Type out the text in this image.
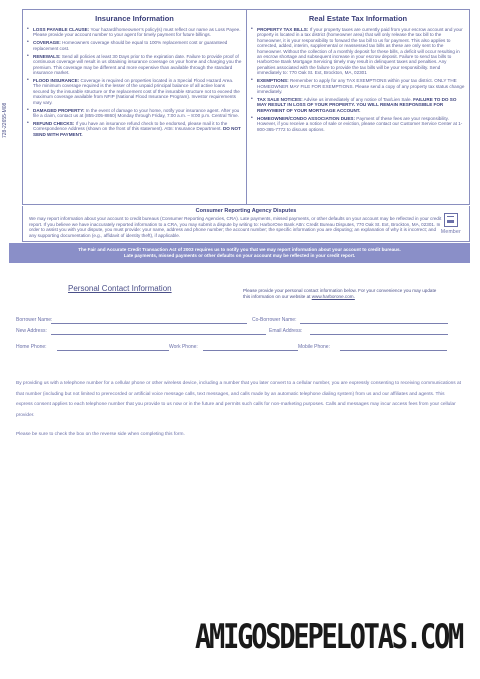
728-22655-M08
Insurance Information
• LOSS PAYABLE CLAUSE: Your hazard/homeowner’s policy(s) must reflect our name as Loss Payee. Please provide your account number to your agent for timely payment for future billings.
• COVERAGE: Homeowners coverage should be equal to 100% replacement cost or guaranteed replacement cost.
• RENEWALS: Send all policies at least 30 Days prior to the expiration date. Failure to provide proof of continuous coverage will result in us obtaining insurance coverage on your home and charging you the premium. This coverage may be different and more expensive than available through the standard insurance market.
• FLOOD INSURANCE: Coverage is required on properties located in a Special Flood Hazard Area. The minimum coverage required is the lesser of the unpaid principal balance of all active loans secured by the insurable structure or the replacement cost of the insurable structure not to exceed the maximum coverage available from NFIP (National Flood Insurance Program). Investor requirements may vary.
• DAMAGED PROPERTY: In the event of damage to your home, notify your insurance agent. After you file a claim, contact us at (855-205-8860) Monday through Friday, 7:00 a.m. – 8:00 p.m. Central Time.
• REFUND CHECKS: If you have an insurance refund check to be endorsed, please mail it to the Correspondence Address (shown on the front of this statement). Attn: Insurance Department. DO NOT SEND WITH PAYMENT.
Real Estate Tax Information
• PROPERTY TAX BILLS: If your property taxes are currently paid from your escrow account and your property is located in a tax district (homeowner area) that will only release the tax bill to the homeowner, it is your responsibility to forward the tax bill to us for payment. This also applies to corrected, added, interim, supplemental or reassessed tax bills as these are only sent to the homeowner. Without the collection of a monthly deposit for these bills, a deficit will occur resulting in an escrow shortage and subsequent increase in your escrow deposit. Failure to send tax bills to HarborOne Bank Mortgage Servicing timely may result in delinquent taxes and penalties. Any penalties associated with the failure to provide the tax bills will be your responsibility. Send immediately to: 770 Oak St. Ext, Brockton, MA, 02301
• EXEMPTIONS: Remember to apply for any TAX EXEMPTIONS within your tax district. ONLY THE HOMEOWNER MAY FILE FOR EXEMPTIONS. Please send a copy of any property tax status change immediately.
• TAX SALE NOTICES: Advise us immediately of any notice of Tax/Lien Sale. FAILURE TO DO SO MAY RESULT IN LOSS OF YOUR PROPERTY. YOU WILL REMAIN RESPONSIBLE FOR REPAYMENT OF YOUR MORTGAGE ACCOUNT.
• HOMEOWNER/CONDO ASSOCIATION DUES: Payment of these fees are your responsibility. However, if you receive a notice of sale or eviction, please contact our Customer Service Center at 1-800-365-7772 to discuss options.
Consumer Reporting Agency Disputes
We may report information about your account to credit bureaus (Consumer Reporting Agencies, CRA). Late payments, missed payments, or other defaults on your account may be reflected in your credit report. If you believe we have inaccurately reported information to a CRA, you may submit a dispute by writing to: HarborOne Bank Attn: Credit Bureau Disputes, 770 Oak St. Ext, Brockton, MA, 02301. In order to assist you with your dispute, you must provide: your name, address and phone number; the account number; the specific information you are disputing; an explanation of why it is incorrect; and any supporting documentation (e.g., affidavit of identity theft), if applicable.
Member
The Fair and Accurate Credit Transaction Act of 2003 requires us to notify you that we may report information about your account to credit bureaus.
Late payments, missed payments or other defaults on your account may be reflected in your credit report.
Personal Contact Information	Please provide your personal contact information below. For your convenience you may update this information on our website at www.harborone.com.
Borrower Name:	Co-Borrower Name:
New Address:	Email Address:
Home Phone:	Work Phone:	Mobile Phone:

By providing us with a telephone number for a cellular phone or other wireless device, including a number that you later convert to a cellular number, you are expressly consenting to receiving communications at that number (including but not limited to prerecorded or artificial voice message calls, text messages, and calls made by an automatic telephone dialing system) from us and our affiliates and agents. This express consent applies to each telephone number that you provide to us now or in the future and permits such calls for non-marketing purposes. Calls and messages may incur access fees from your cellular provider.

Please be sure to check the box on the reverse side when completing this form.

AMIGOSDEPELOTAS.COM
